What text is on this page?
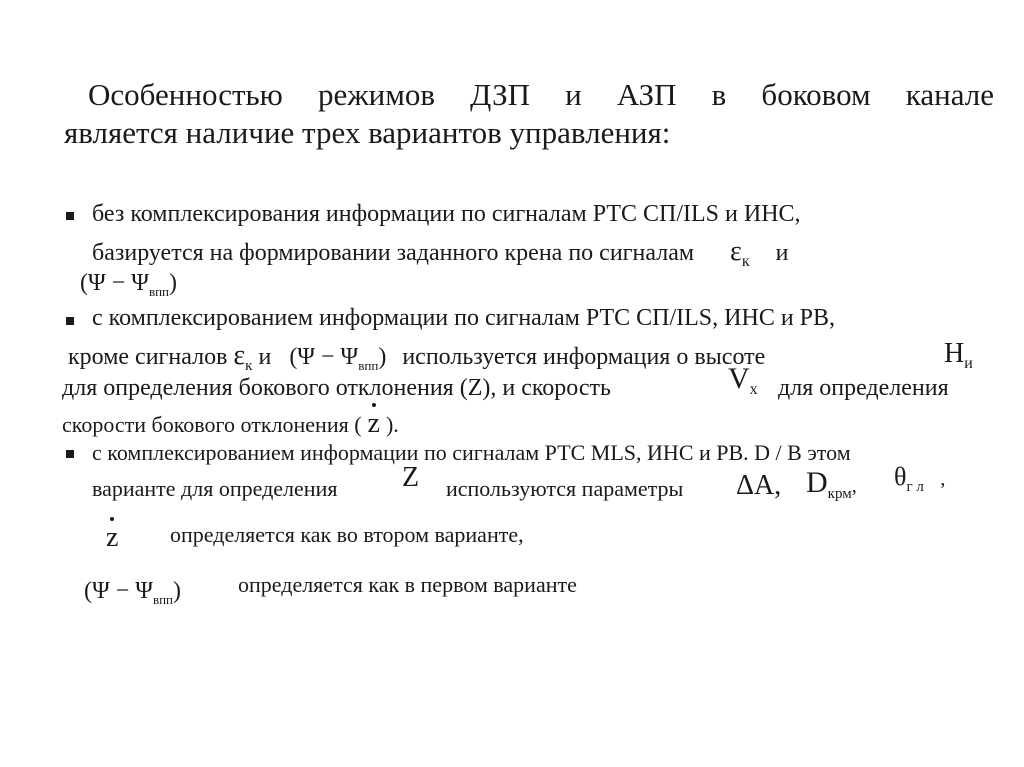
Особенностью режимов ДЗП и АЗП в боковом канале
является наличие трех вариантов управления:
без комплексирования информации по сигналам РТС СП/ILS и ИНС,
базируется на формировании заданного крена по сигналам $\varepsilon_к$ и
$(\Psi - \Psi_{впп})$
с комплексированием информации по сигналам РТС СП/ILS, ИНС и РВ,
кроме сигналов $\varepsilon_к$ и $(\Psi - \Psi_{впп})$ используется информация о высоте	$H_и$
для определения бокового отклонения (Z), и скорость	$V_x$ для определения
скорости бокового отклонения ( z ).
с комплексированием информации по сигналам РТС MLS, ИНС и РВ. D / В этом
варианте для определения Z используются параметры ΔA, $D_{крм}$, $\theta_{г л}$ ,
z определяется как во втором варианте,
$(\Psi - \Psi_{впп})$	определяется как в первом варианте
